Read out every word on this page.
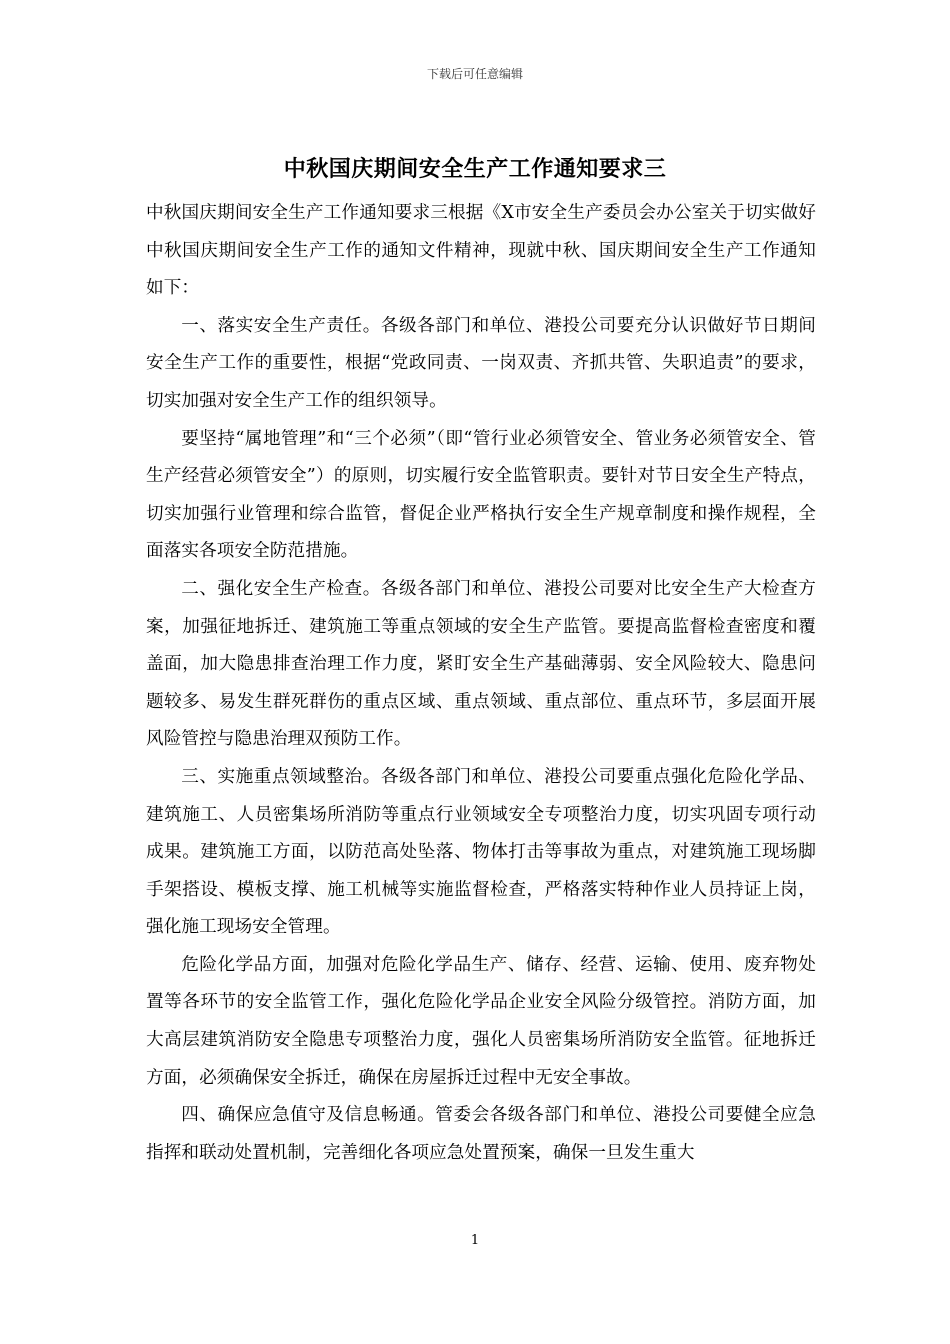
下载后可任意编辑
中秋国庆期间安全生产工作通知要求三

中秋国庆期间安全生产工作通知要求三根据《X市安全生产委员会办公室关于切实做好中秋国庆期间安全生产工作的通知文件精神，现就中秋、国庆期间安全生产工作通知如下：

一、落实安全生产责任。各级各部门和单位、港投公司要充分认识做好节日期间安全生产工作的重要性，根据“党政同责、一岗双责、齐抓共管、失职追责”的要求，切实加强对安全生产工作的组织领导。

要坚持“属地管理”和“三个必须”（即“管行业必须管安全、管业务必须管安全、管生产经营必须管安全”）的原则，切实履行安全监管职责。要针对节日安全生产特点，切实加强行业管理和综合监管，督促企业严格执行安全生产规章制度和操作规程，全面落实各项安全防范措施。

二、强化安全生产检查。各级各部门和单位、港投公司要对比安全生产大检查方案，加强征地拆迁、建筑施工等重点领域的安全生产监管。要提高监督检查密度和覆盖面，加大隐患排查治理工作力度，紧盯安全生产基础薄弱、安全风险较大、隐患问题较多、易发生群死群伤的重点区域、重点领域、重点部位、重点环节，多层面开展风险管控与隐患治理双预防工作。

三、实施重点领域整治。各级各部门和单位、港投公司要重点强化危险化学品、建筑施工、人员密集场所消防等重点行业领域安全专项整治力度，切实巩固专项行动成果。建筑施工方面，以防范高处坠落、物体打击等事故为重点，对建筑施工现场脚手架搭设、模板支撑、施工机械等实施监督检查，严格落实特种作业人员持证上岗，强化施工现场安全管理。

危险化学品方面，加强对危险化学品生产、储存、经营、运输、使用、废弃物处置等各环节的安全监管工作，强化危险化学品企业安全风险分级管控。消防方面，加大高层建筑消防安全隐患专项整治力度，强化人员密集场所消防安全监管。征地拆迁方面，必须确保安全拆迁，确保在房屋拆迁过程中无安全事故。

四、确保应急值守及信息畅通。管委会各级各部门和单位、港投公司要健全应急指挥和联动处置机制，完善细化各项应急处置预案，确保一旦发生重大

1
